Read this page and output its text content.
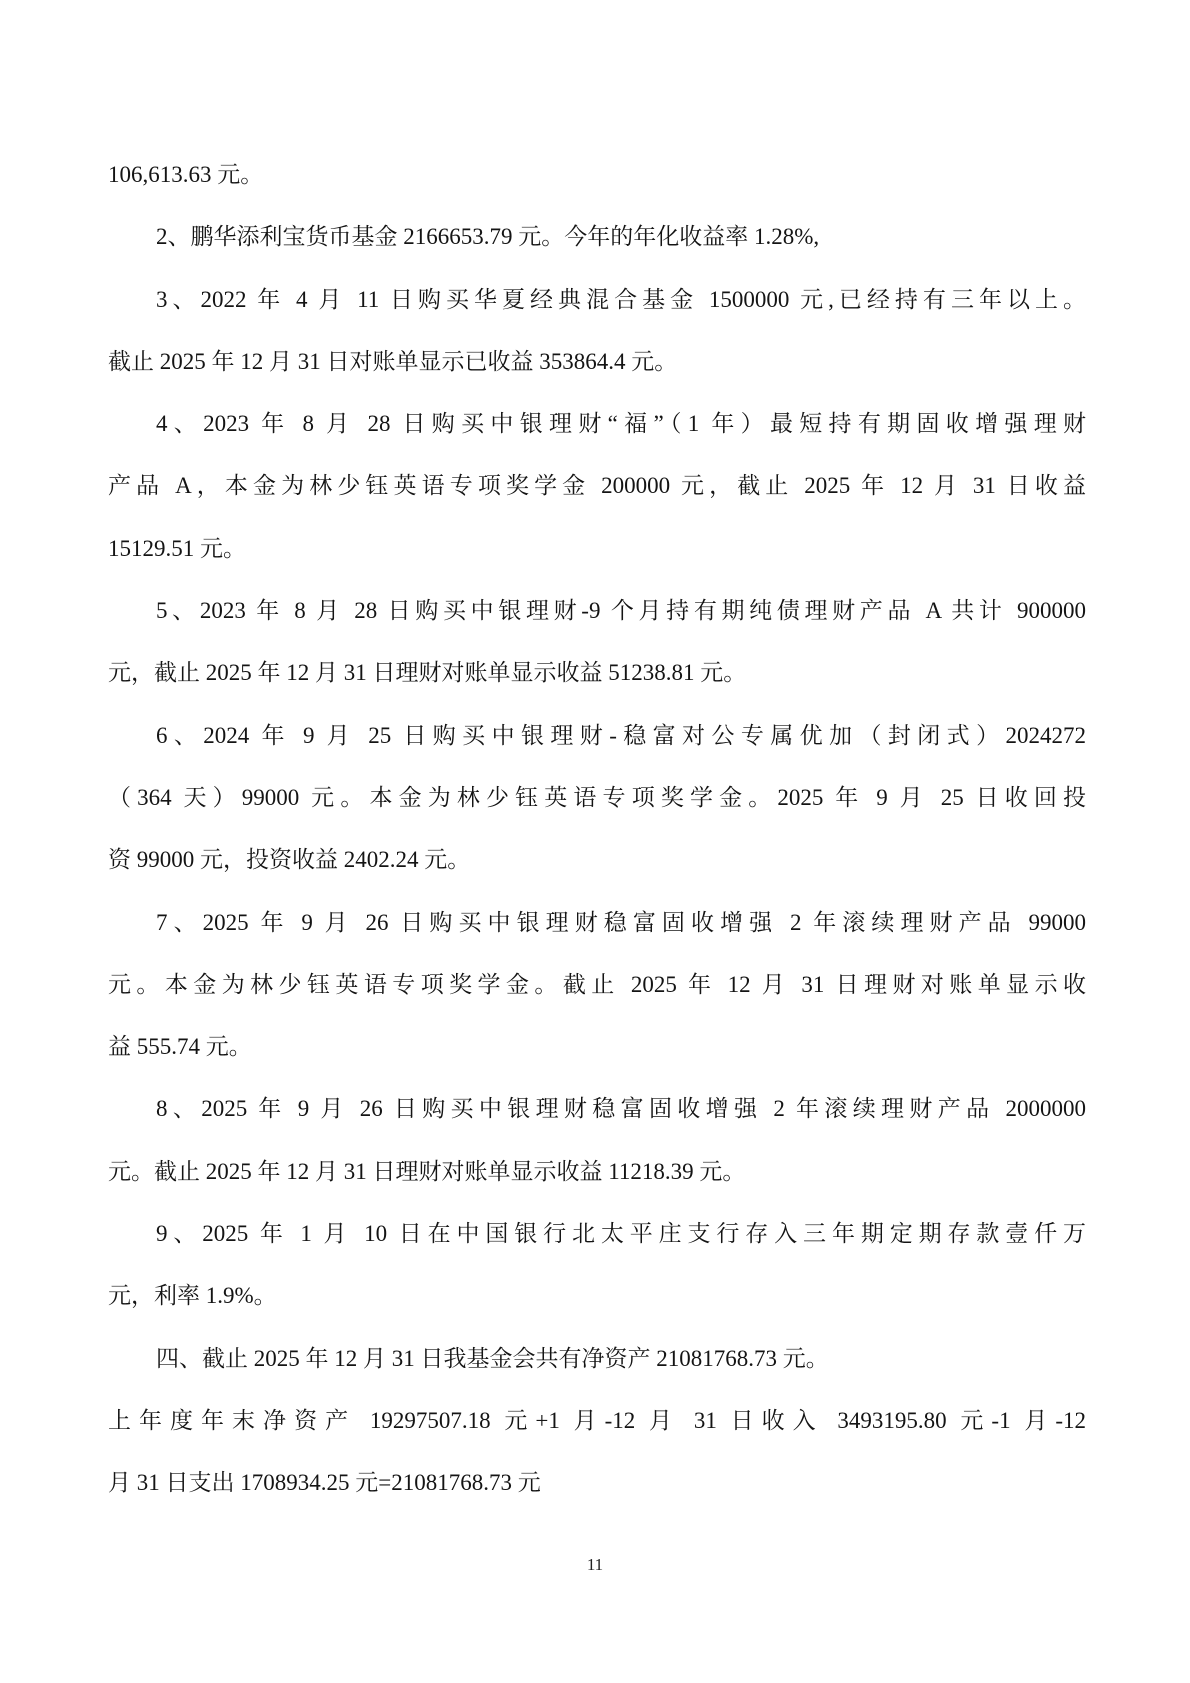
106,613.63 元。
2、鹏华添利宝货币基金 2166653.79 元。今年的年化收益率 1.28%,
3、2022 年 4 月 11 日购买华夏经典混合基金 1500000 元,已经持有三年以上。
截止 2025 年 12 月 31 日对账单显示已收益 353864.4 元。
4、2023 年 8 月 28 日购买中银理财“福”（1 年）最短持有期固收增强理财
产品 A，本金为林少钰英语专项奖学金 200000 元，截止 2025 年 12 月 31 日收益
15129.51 元。
5、2023 年 8 月 28 日购买中银理财-9 个月持有期纯债理财产品 A 共计 900000
元，截止 2025 年 12 月 31 日理财对账单显示收益 51238.81 元。
6、2024 年 9 月 25 日购买中银理财-稳富对公专属优加（封闭式）2024272
（364 天）99000 元。本金为林少钰英语专项奖学金。2025 年 9 月 25 日收回投
资 99000 元，投资收益 2402.24 元。
7、2025 年 9 月 26 日购买中银理财稳富固收增强 2 年滚续理财产品 99000
元。本金为林少钰英语专项奖学金。截止 2025 年 12 月 31 日理财对账单显示收
益 555.74 元。
8、2025 年 9 月 26 日购买中银理财稳富固收增强 2 年滚续理财产品 2000000
元。截止 2025 年 12 月 31 日理财对账单显示收益 11218.39 元。
9、2025 年 1 月 10 日在中国银行北太平庄支行存入三年期定期存款壹仟万
元，利率 1.9%。
四、截止 2025 年 12 月 31 日我基金会共有净资产 21081768.73 元。
上年度年末净资产 19297507.18 元+1 月-12 月 31 日收入 3493195.80 元-1 月-12
月 31 日支出 1708934.25 元=21081768.73 元
11
